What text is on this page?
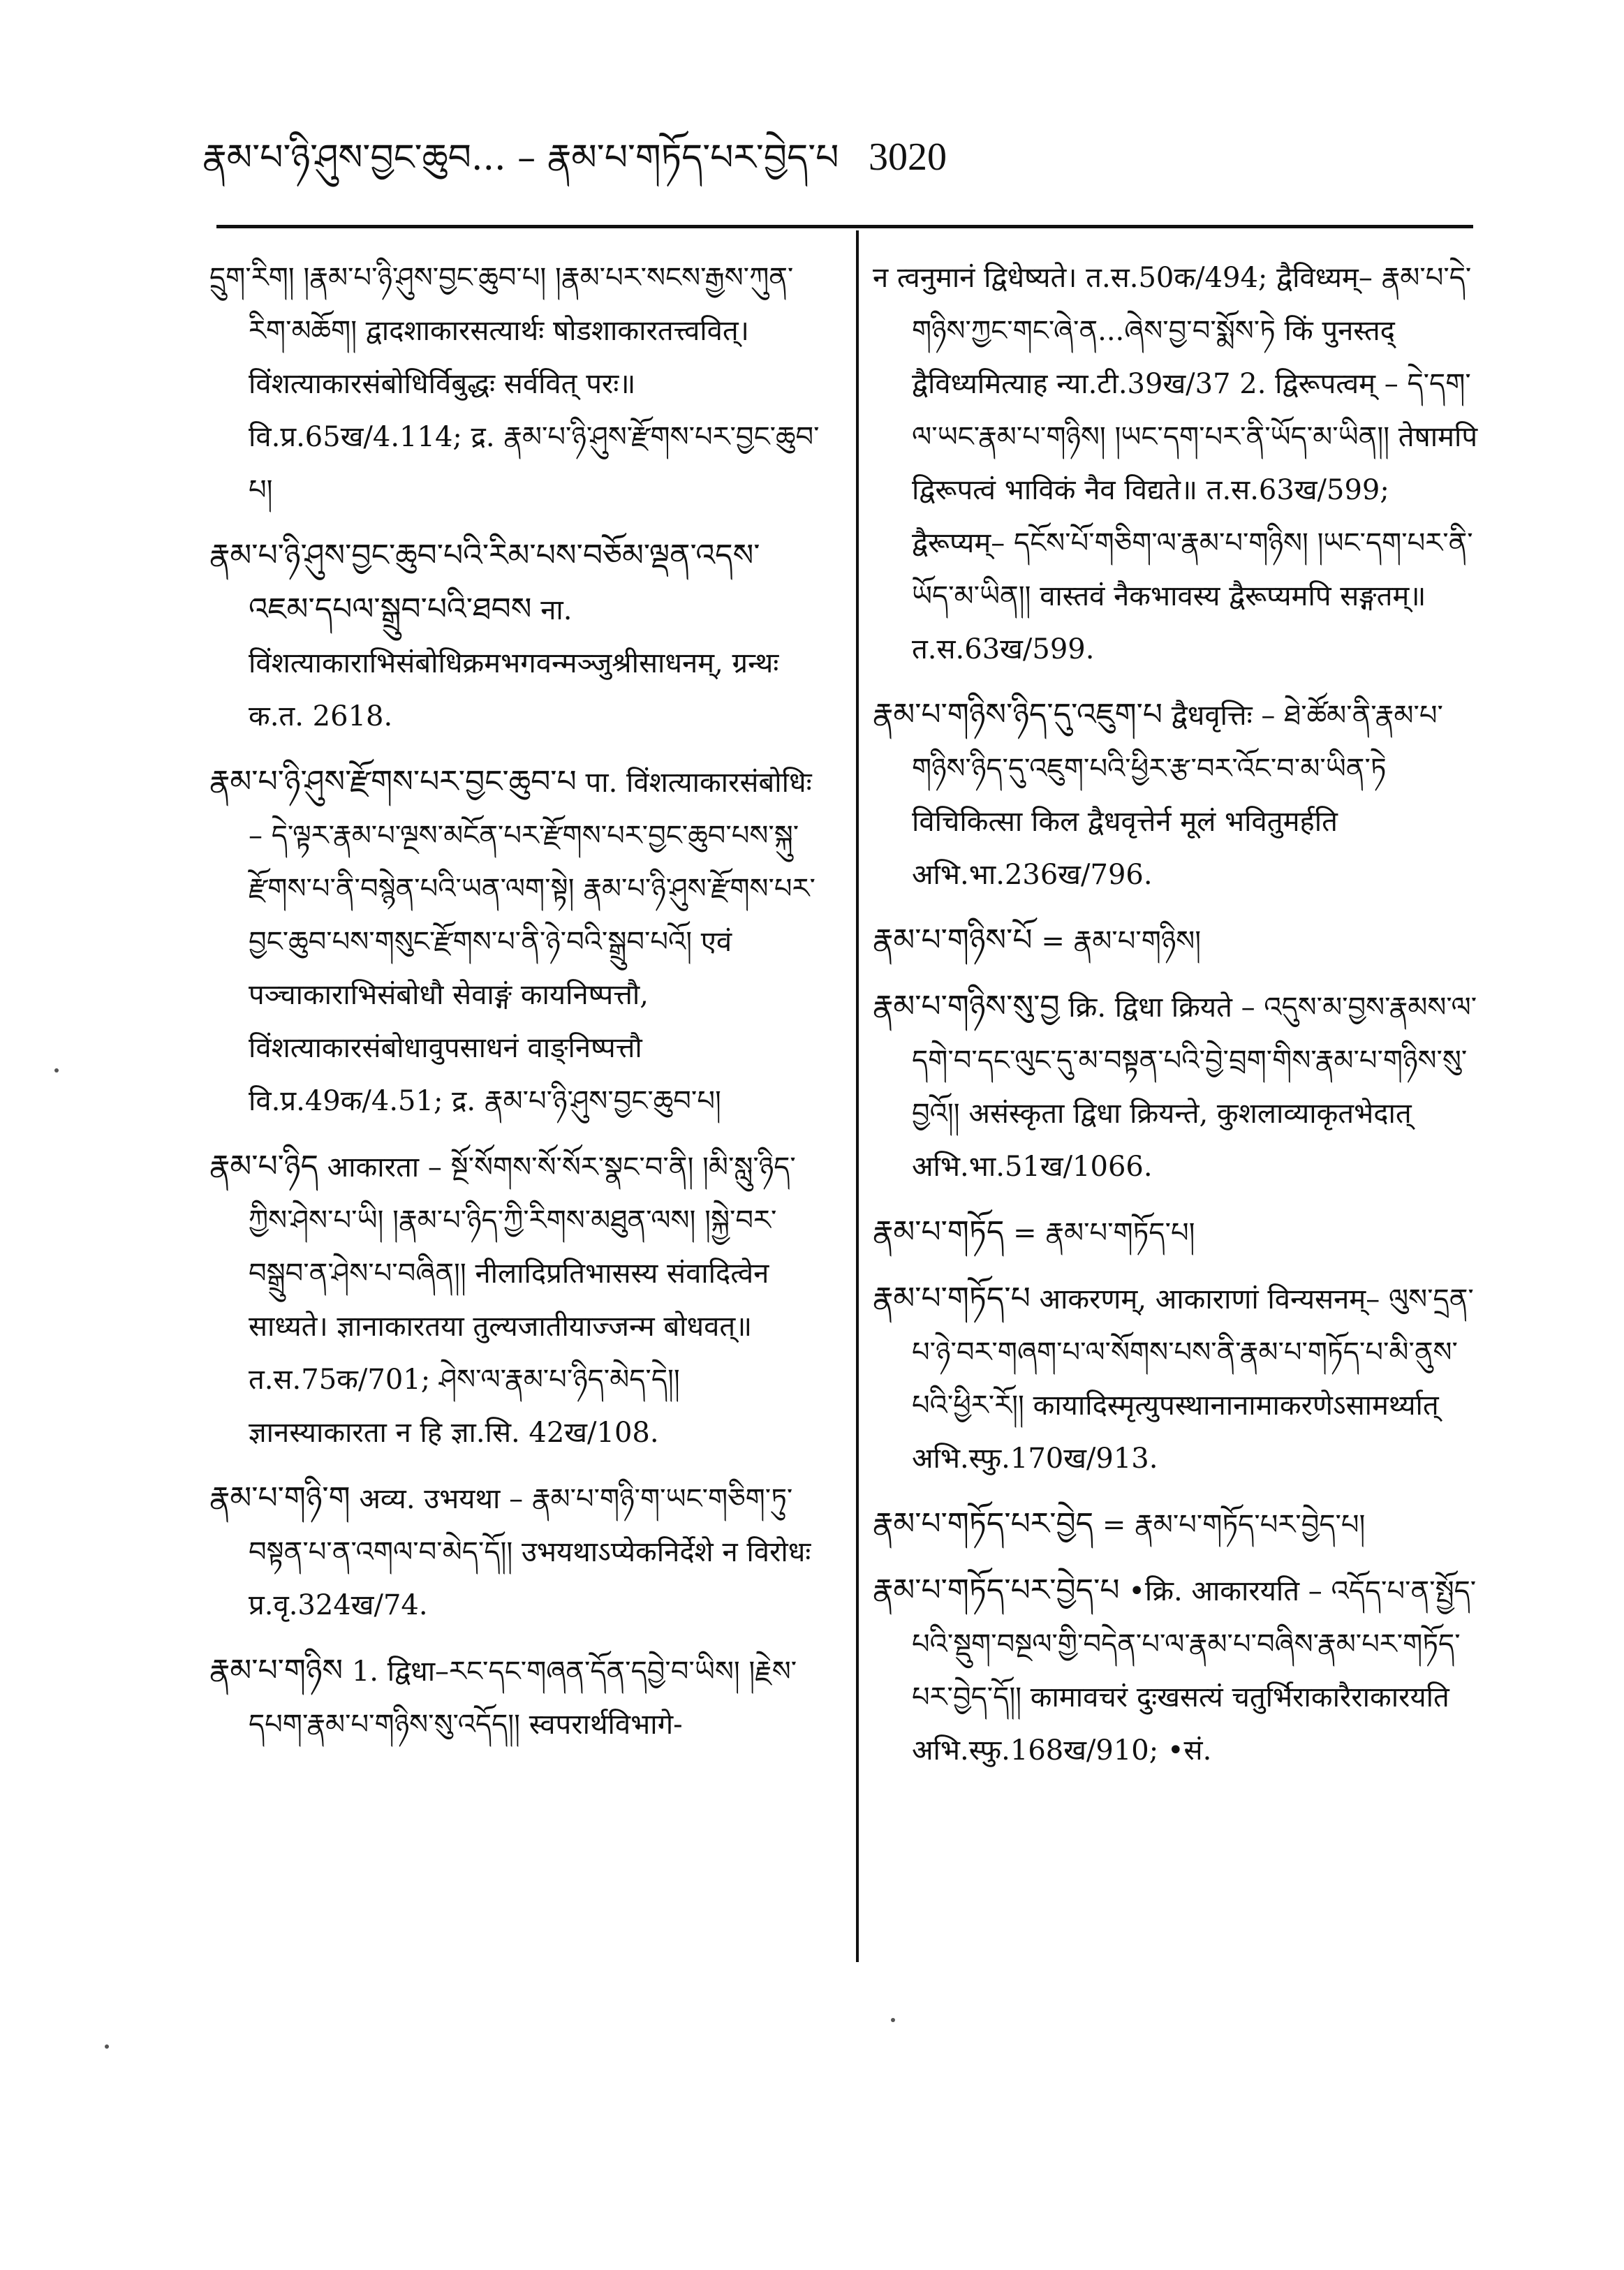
རྣམ་པ་ཉི་ཤུས་བྱང་ཆུབ... – རྣམ་པ་གཏོད་པར་བྱེད་པ 3020

དྲུག་རིག། །རྣམ་པ་ཉི་ཤུས་བྱང་ཆུབ་པ། །རྣམ་པར་སངས་རྒྱས་ཀུན་རིག་མཆོག། द्वादशाकारसत्यार्थः षोडशाकारतत्त्ववित्। विंशत्याकारसंबोधिर्विबुद्धः सर्ववित् परः॥ वि.प्र.65ख/4.114; द्र. རྣམ་པ་ཉི་ཤུས་རྫོགས་པར་བྱང་ཆུབ་པ།

རྣམ་པ་ཉི་ཤུས་བྱང་ཆུབ་པའི་རིམ་པས་བཅོམ་ལྡན་འདས་འཇམ་དཔལ་སྒྲུབ་པའི་ཐབས ना. विंशत्याकाराभिसंबोधिक्रमभगवन्मञ्जुश्रीसाधनम्, ग्रन्थः क.त. 2618.

རྣམ་པ་ཉི་ཤུས་རྫོགས་པར་བྱང་ཆུབ་པ पा. विंशत्याकारसंबोधिः – དེ་ལྟར་རྣམ་པ་ལྔས་མངོན་པར་རྫོགས་པར་བྱང་ཆུབ་པས་སྐུ་རྫོགས་པ་ནི་བསྙེན་པའི་ཡན་ལག་སྟེ། རྣམ་པ་ཉི་ཤུས་རྫོགས་པར་བྱང་ཆུབ་པས་གསུང་རྫོགས་པ་ནི་ཉེ་བའི་སྒྲུབ་པའོ། एवं पञ्चाकाराभिसंबोधौ सेवाङ्गं कायनिष्पत्तौ, विंशत्याकारसंबोधावुपसाधनं वाङ्निष्पत्तौ वि.प्र.49क/4.51; द्र. རྣམ་པ་ཉི་ཤུས་བྱང་ཆུབ་པ།

རྣམ་པ་ཉིད आकारता – སྔོ་སོགས་སོ་སོར་སྣང་བ་ནི། །མི་སླུ་ཉིད་ཀྱིས་ཤེས་པ་ཡི། །རྣམ་པ་ཉིད་ཀྱི་རིགས་མཐུན་ལས། །སྐྱེ་བར་བསྒྲུབ་ན་ཤེས་པ་བཞིན།། नीलादिप्रतिभासस्य संवादित्वेन साध्यते। ज्ञानाकारतया तुल्यजातीयाज्जन्म बोधवत्॥ त.स.75क/701; ཤེས་ལ་རྣམ་པ་ཉིད་མེད་དེ།། ज्ञानस्याकारता न हि ज्ञा.सि. 42ख/108.

རྣམ་པ་གཉི་ག अव्य. उभयथा – རྣམ་པ་གཉི་ག་ཡང་གཅིག་ཏུ་བསྟན་པ་ན་འགལ་བ་མེད་དོ།། उभयथाऽप्येकनिर्देशे न विरोधः प्र.वृ.324ख/74.

རྣམ་པ་གཉིས 1. द्विधा–རང་དང་གཞན་དོན་དབྱེ་བ་ཡིས། །རྗེས་དཔག་རྣམ་པ་གཉིས་སུ་འདོད།། स्वपरार्थविभागे-

न त्वनुमानं द्विधेष्यते। त.स.50क/494; द्वैविध्यम्– རྣམ་པ་དེ་གཉིས་ཀྱང་གང་ཞེ་ན...ཞེས་བྱ་བ་སྨོས་ཏེ किं पुनस्तद् द्वैविध्यमित्याह न्या.टी.39ख/37 2. द्विरूपत्वम् – དེ་དག་ལ་ཡང་རྣམ་པ་གཉིས། །ཡང་དག་པར་ནི་ཡོད་མ་ཡིན།། तेषामपि द्विरूपत्वं भाविकं नैव विद्यते॥ त.स.63ख/599; द्वैरूप्यम्– དངོས་པོ་གཅིག་ལ་རྣམ་པ་གཉིས། །ཡང་དག་པར་ནི་ཡོད་མ་ཡིན།། वास्तवं नैकभावस्य द्वैरूप्यमपि सङ्गतम्॥ त.स.63ख/599.

རྣམ་པ་གཉིས་ཉིད་དུ་འཇུག་པ द्वैधवृत्तिः – ཐེ་ཚོམ་ནི་རྣམ་པ་གཉིས་ཉིད་དུ་འཇུག་པའི་ཕྱིར་རྩ་བར་འོང་བ་མ་ཡིན་ཏེ विचिकित्सा किल द्वैधवृत्तेर्न मूलं भवितुमर्हति अभि.भा.236ख/796.

རྣམ་པ་གཉིས་པོ = རྣམ་པ་གཉིས།

རྣམ་པ་གཉིས་སུ་བྱ क्रि. द्विधा क्रियते – འདུས་མ་བྱས་རྣམས་ལ་དགེ་བ་དང་ལུང་དུ་མ་བསྟན་པའི་བྱེ་བྲག་གིས་རྣམ་པ་གཉིས་སུ་བྱའོ།། असंस्कृता द्विधा क्रियन्ते, कुशलाव्याकृतभेदात् अभि.भा.51ख/1066.

རྣམ་པ་གཏོད = རྣམ་པ་གཏོད་པ།

རྣམ་པ་གཏོད་པ आकरणम्, आकाराणां विन्यसनम्– ལུས་དྲན་པ་ཉེ་བར་གཞག་པ་ལ་སོགས་པས་ནི་རྣམ་པ་གཏོད་པ་མི་ནུས་པའི་ཕྱིར་རོ།། कायादिस्मृत्युपस्थानानामाकरणेऽसामर्थ्यात् अभि.स्फु.170ख/913.

རྣམ་པ་གཏོད་པར་བྱེད = རྣམ་པ་གཏོད་པར་བྱེད་པ།

རྣམ་པ་གཏོད་པར་བྱེད་པ •क्रि. आकारयति – འདོད་པ་ན་སྤྱོད་པའི་སྡུག་བསྔལ་གྱི་བདེན་པ་ལ་རྣམ་པ་བཞིས་རྣམ་པར་གཏོད་པར་བྱེད་དོ།། कामावचरं दुःखसत्यं चतुर्भिराकारैराकारयति अभि.स्फु.168ख/910; •सं.
